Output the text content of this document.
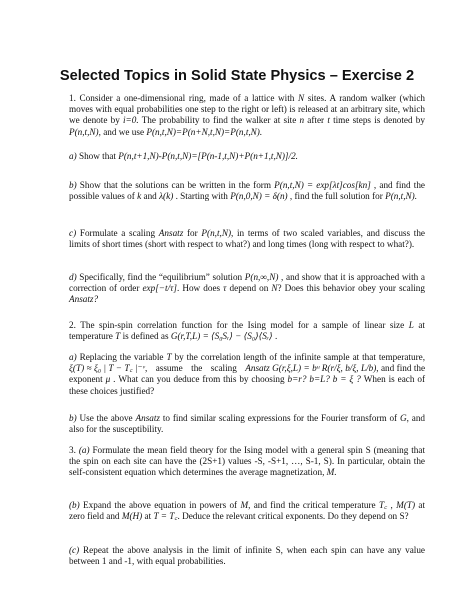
Selected Topics in Solid State Physics – Exercise 2

1. Consider a one-dimensional ring, made of a lattice with N sites. A random walker (which moves with equal probabilities one step to the right or left) is released at an arbitrary site, which we denote by i=0. The probability to find the walker at site n after t time steps is denoted by P(n,t,N), and we use P(n,t,N)=P(n+N,t,N)=P(n,t,N).

a) Show that P(n,t+1,N)-P(n,t,N)=[P(n-1,t,N)+P(n+1,t,N)]/2.

b) Show that the solutions can be written in the form P(n,t,N) = exp[λt]cos[kn] , and find the possible values of k and λ(k) . Starting with P(n,0,N) = δ(n) , find the full solution for P(n,t,N).

c) Formulate a scaling Ansatz for P(n,t,N), in terms of two scaled variables, and discuss the limits of short times (short with respect to what?) and long times (long with respect to what?).

d) Specifically, find the “equilibrium” solution P(n,∞,N) , and show that it is approached with a correction of order exp[−t/τ]. How does τ depend on N? Does this behavior obey your scaling Ansatz?

2. The spin-spin correlation function for the Ising model for a sample of linear size L at temperature T is defined as G(r,T,L) = ⟨S₀Sᵣ⟩ − ⟨S₀⟩⟨Sᵣ⟩ .

a) Replacing the variable T by the correlation length of the infinite sample at that temperature, ξ(T) ≈ ξ₀ | T − T꜀ |⁻ᵛ, assume the scaling Ansatz G(r,ξ,L) = bᵘ R(r/ξ, b/ξ, L/b), and find the exponent μ . What can you deduce from this by choosing b=r? b=L? b = ξ ? When is each of these choices justified?

b) Use the above Ansatz to find similar scaling expressions for the Fourier transform of G, and also for the susceptibility.

3. (a) Formulate the mean field theory for the Ising model with a general spin S (meaning that the spin on each site can have the (2S+1) values -S, -S+1, …, S-1, S). In particular, obtain the self-consistent equation which determines the average magnetization, M.

(b) Expand the above equation in powers of M, and find the critical temperature T꜀ , M(T) at zero field and M(H) at T = T꜀. Deduce the relevant critical exponents. Do they depend on S?

(c) Repeat the above analysis in the limit of infinite S, when each spin can have any value between 1 and -1, with equal probabilities.
